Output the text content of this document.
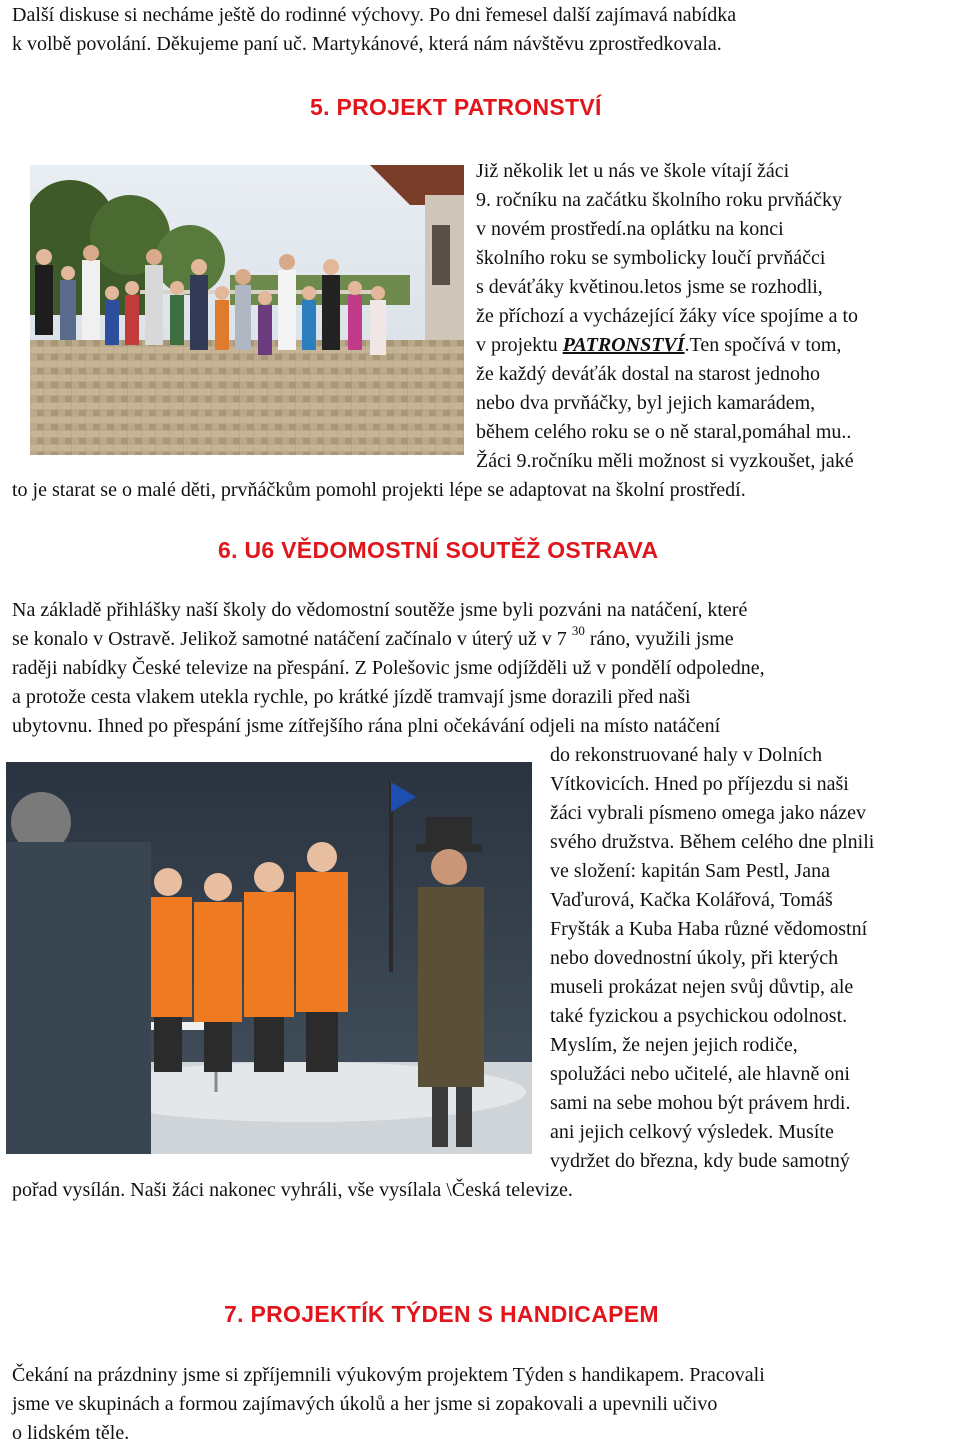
Další diskuse si necháme ještě do rodinné výchovy. Po dni řemesel další zajímavá nabídka
k volbě povolání. Děkujeme paní uč. Martykánové, která nám návštěvu zprostředkovala.
5. PROJEKT PATRONSTVÍ
Již několik let u nás ve škole vítají žáci
9. ročníku na začátku školního roku prvňáčky
v novém prostředí.na oplátku na konci
školního roku se symbolicky loučí prvňáčci
s deváťáky květinou.letos jsme se rozhodli,
že příchozí a vycházející žáky více spojíme a to
v projektu PATRONSTVÍ.Ten spočívá v tom,
že každý deváťák dostal na starost jednoho
nebo dva prvňáčky, byl jejich kamarádem,
během celého roku se o ně staral,pomáhal mu..
Žáci 9.ročníku měli možnost si vyzkoušet, jaké
to je starat se o malé děti, prvňáčkům pomohl projekti lépe se adaptovat na školní prostředí.
6. U6 VĚDOMOSTNÍ SOUTĚŽ OSTRAVA
Na základě přihlášky naší školy do vědomostní soutěže jsme byli pozváni na natáčení, které
se konalo v Ostravě. Jelikož samotné natáčení začínalo v úterý už v 7 $^{30}$ ráno, využili jsme
raději nabídky České televize na přespání. Z Polešovic jsme odjížděli už v pondělí odpoledne,
a protože cesta vlakem utekla rychle, po krátké jízdě tramvají jsme dorazili před naši
ubytovnu. Ihned po přespání jsme zítřejšího rána plni očekávání odjeli na místo natáčení
do rekonstruované haly v Dolních
Vítkovicích. Hned po příjezdu si naši
žáci vybrali písmeno omega jako název
svého družstva. Během celého dne plnili
ve složení: kapitán Sam Pestl, Jana
Vaďurová, Kačka Kolářová, Tomáš
Fryšták a Kuba Haba různé vědomostní
nebo dovednostní úkoly, při kterých
museli prokázat nejen svůj důvtip, ale
také fyzickou a psychickou odolnost.
Myslím, že nejen jejich rodiče,
spolužáci nebo učitelé, ale hlavně oni
sami na sebe mohou být právem hrdi.
ani jejich celkový výsledek. Musíte
vydržet do března, kdy bude samotný
pořad vysílán. Naši žáci nakonec vyhráli, vše vysílala \Česká televize.
7. PROJEKTÍK TÝDEN S HANDICAPEM
Čekání na prázdniny jsme si zpříjemnili výukovým projektem Týden s handikapem. Pracovali
jsme ve skupinách a formou zajímavých úkolů a her jsme si zopakovali a upevnili učivo
o lidském těle.
